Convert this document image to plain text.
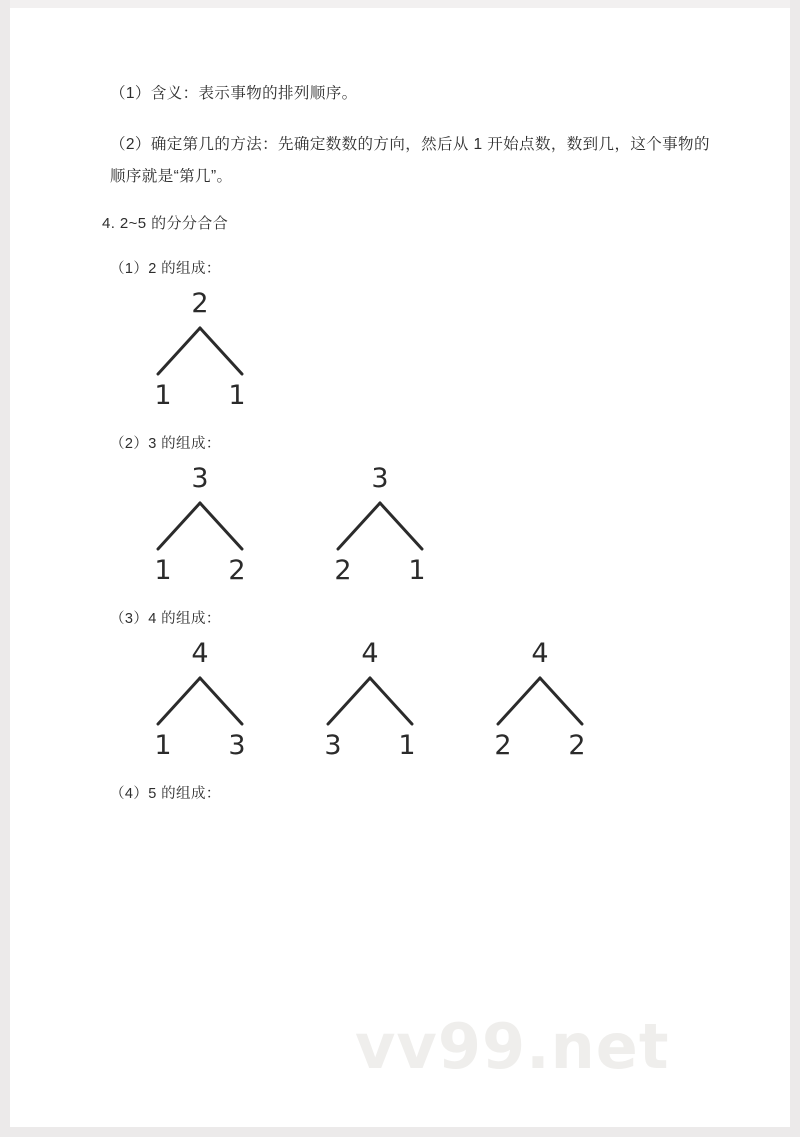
（1）含义：表示事物的排列顺序。

（2）确定第几的方法：先确定数数的方向，然后从 1 开始点数，数到几，这个事物的顺序就是“第几”。

4. 2~5 的分分合合
（1）2 的组成：
2
1 1
（2）3 的组成：
3
1 2
3
2 1
（3）4 的组成：
4
1 3
4
3 1
4
2 2
（4）5 的组成：
vv99.net
